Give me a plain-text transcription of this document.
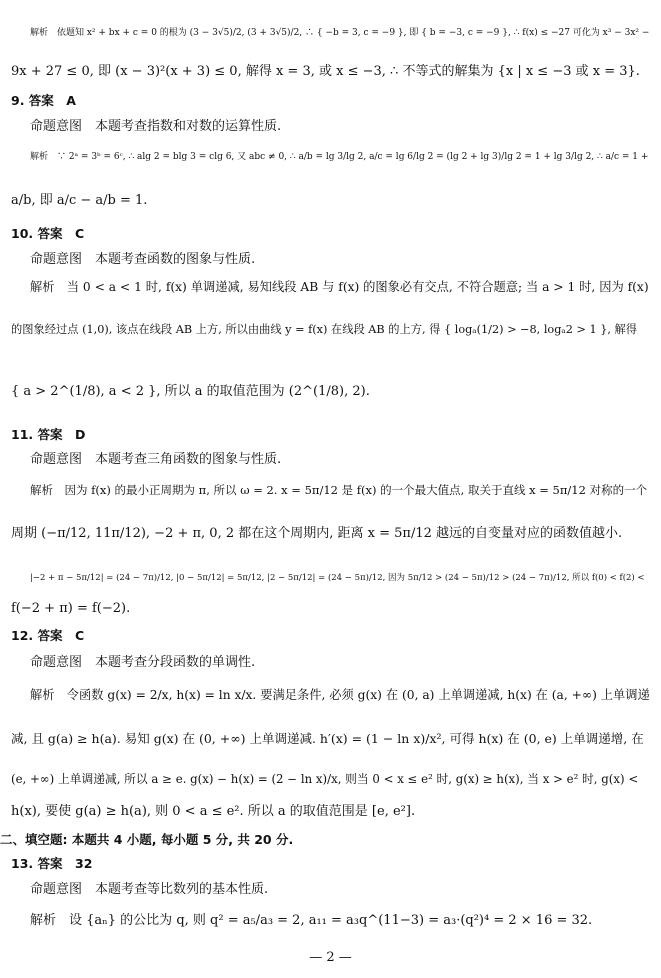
解析　依题知 x² + bx + c = 0 的根为 (3 − 3√5)/2, (3 + 3√5)/2, ∴ { −b = 3, c = −9 }, 即 { b = −3, c = −9 }, ∴ f(x) ≤ −27 可化为 x³ − 3x² −
9x + 27 ≤ 0, 即 (x − 3)²(x + 3) ≤ 0, 解得 x = 3, 或 x ≤ −3, ∴ 不等式的解集为 {x | x ≤ −3 或 x = 3}.
9. 答案　A
命题意图　本题考查指数和对数的运算性质.
解析　∵ 2ᵃ = 3ᵇ = 6ᶜ, ∴ alg 2 = blg 3 = clg 6, 又 abc ≠ 0, ∴ a/b = lg 3/lg 2, a/c = lg 6/lg 2 = (lg 2 + lg 3)/lg 2 = 1 + lg 3/lg 2, ∴ a/c = 1 +
a/b, 即 a/c − a/b = 1.
10. 答案　C
命题意图　本题考查函数的图象与性质.
解析　当 0 < a < 1 时, f(x) 单调递减, 易知线段 AB 与 f(x) 的图象必有交点, 不符合题意; 当 a > 1 时, 因为 f(x)
的图象经过点 (1,0), 该点在线段 AB 上方, 所以由曲线 y = f(x) 在线段 AB 的上方, 得 { logₐ(1/2) > −8, logₐ2 > 1 }, 解得
{ a > 2^(1/8), a < 2 }, 所以 a 的取值范围为 (2^(1/8), 2).
11. 答案　D
命题意图　本题考查三角函数的图象与性质.
解析　因为 f(x) 的最小正周期为 π, 所以 ω = 2. x = 5π/12 是 f(x) 的一个最大值点, 取关于直线 x = 5π/12 对称的一个
周期 (−π/12, 11π/12), −2 + π, 0, 2 都在这个周期内, 距离 x = 5π/12 越远的自变量对应的函数值越小.
|−2 + π − 5π/12| = (24 − 7π)/12, |0 − 5π/12| = 5π/12, |2 − 5π/12| = (24 − 5π)/12, 因为 5π/12 > (24 − 5π)/12 > (24 − 7π)/12, 所以 f(0) < f(2) <
f(−2 + π) = f(−2).
12. 答案　C
命题意图　本题考查分段函数的单调性.
解析　令函数 g(x) = 2/x, h(x) = ln x/x. 要满足条件, 必须 g(x) 在 (0, a) 上单调递减, h(x) 在 (a, +∞) 上单调递
减, 且 g(a) ≥ h(a). 易知 g(x) 在 (0, +∞) 上单调递减. h′(x) = (1 − ln x)/x², 可得 h(x) 在 (0, e) 上单调递增, 在
(e, +∞) 上单调递减, 所以 a ≥ e. g(x) − h(x) = (2 − ln x)/x, 则当 0 < x ≤ e² 时, g(x) ≥ h(x), 当 x > e² 时, g(x) <
h(x), 要使 g(a) ≥ h(a), 则 0 < a ≤ e². 所以 a 的取值范围是 [e, e²].
二、填空题: 本题共 4 小题, 每小题 5 分, 共 20 分.
13. 答案　32
命题意图　本题考查等比数列的基本性质.
解析　设 {aₙ} 的公比为 q, 则 q² = a₅/a₃ = 2, a₁₁ = a₃q^(11−3) = a₃·(q²)⁴ = 2 × 16 = 32.
— 2 —
